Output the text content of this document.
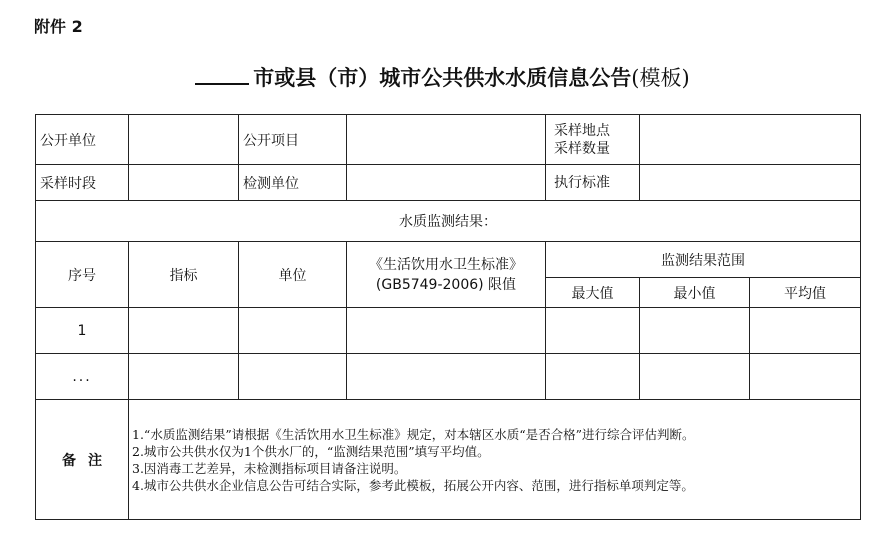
附件 2
市或县（市）城市公共供水水质信息公告(模板)
公开单位		公开项目		采样地点
采样数量		

采样时段		检测单位		执行标准		
水质监测结果：						
序号	指标	单位	《生活饮用水卫生标准》
(GB5749-2006) 限值	监测结果范围		
				最大值	最小值	平均值
1						
...						
备注	1.“水质监测结果”请根据《生活饮用水卫生标准》规定，对本辖区水质“是否合格”进行综合评估判断。
2.城市公共供水仅为1个供水厂的，“监测结果范围”填写平均值。
3.因消毒工艺差异，未检测指标项目请备注说明。
4.城市公共供水企业信息公告可结合实际，参考此模板，拓展公开内容、范围，进行指标单项判定等。					
